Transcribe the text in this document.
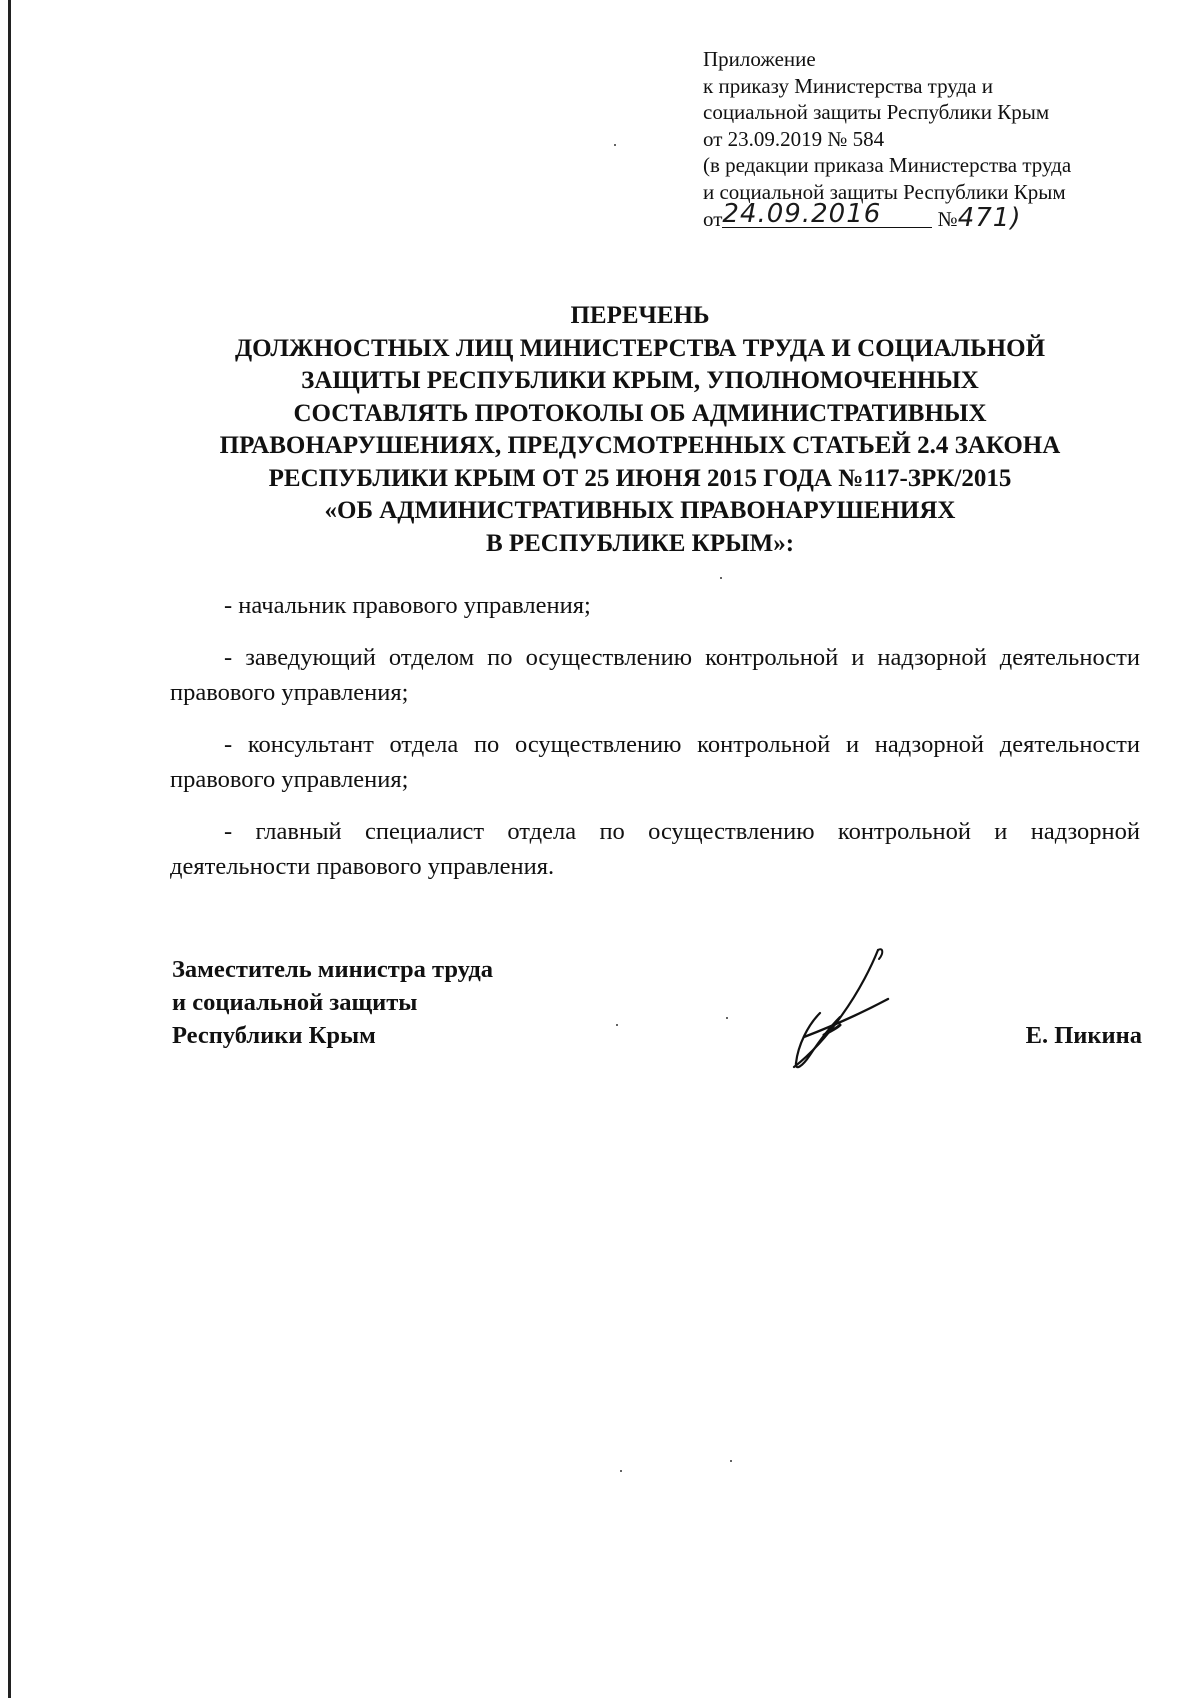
Приложение
к приказу Министерства труда и
социальной защиты Республики Крым
от 23.09.2019 № 584
(в редакции приказа Министерства труда
и социальной защиты Республики Крым
от24.09.2016	№471)
ПЕРЕЧЕНЬ
ДОЛЖНОСТНЫХ ЛИЦ МИНИСТЕРСТВА ТРУДА И СОЦИАЛЬНОЙ
ЗАЩИТЫ РЕСПУБЛИКИ КРЫМ, УПОЛНОМОЧЕННЫХ
СОСТАВЛЯТЬ ПРОТОКОЛЫ ОБ АДМИНИСТРАТИВНЫХ
ПРАВОНАРУШЕНИЯХ, ПРЕДУСМОТРЕННЫХ СТАТЬЕЙ 2.4 ЗАКОНА
РЕСПУБЛИКИ КРЫМ ОТ 25 ИЮНЯ 2015 ГОДА №117-ЗРК/2015
«ОБ АДМИНИСТРАТИВНЫХ ПРАВОНАРУШЕНИЯХ
В РЕСПУБЛИКЕ КРЫМ»:

- начальник правового управления;

- заведующий отделом по осуществлению контрольной и надзорной деятельности правового управления;

- консультант отдела по осуществлению контрольной и надзорной деятельности правового управления;

- главный специалист отдела по осуществлению контрольной и надзорной деятельности правового управления.

Заместитель министра труда
и социальной защиты
Республики Крым	Е. Пикина
